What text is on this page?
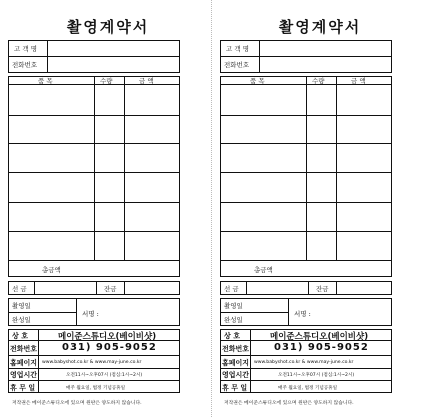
촬영계약서
고 객 명
전화번호
품 목	수량	금 액
총금액
선 금	잔금
촬영일
완성일
서명 :
상 호	메이준스튜디오(베이비샷)
전화번호 031) 905-9052
홈페이지 www.babyshot.co.kr & www.may-june.co.kr
영업시간	오전11시~오후07시 (점심:1시~2시)
휴 무 일	매주 월요일, 법정 기념공휴일
저작권은 메이준스튜디오에 있으며 원판은 양도하지 않습니다.
촬영계약서
고 객 명
전화번호
품 목	수량	금 액
총금액
선 금	잔금
촬영일
완성일
서명 :
상 호	메이준스튜디오(베이비샷)
전화번호 031) 905-9052
홈페이지 www.babyshot.co.kr & www.may-june.co.kr
영업시간	오전11시~오후07시 (점심:1시~2시)
휴 무 일	매주 월요일, 법정 기념공휴일
저작권은 메이준스튜디오에 있으며 원판은 양도하지 않습니다.
